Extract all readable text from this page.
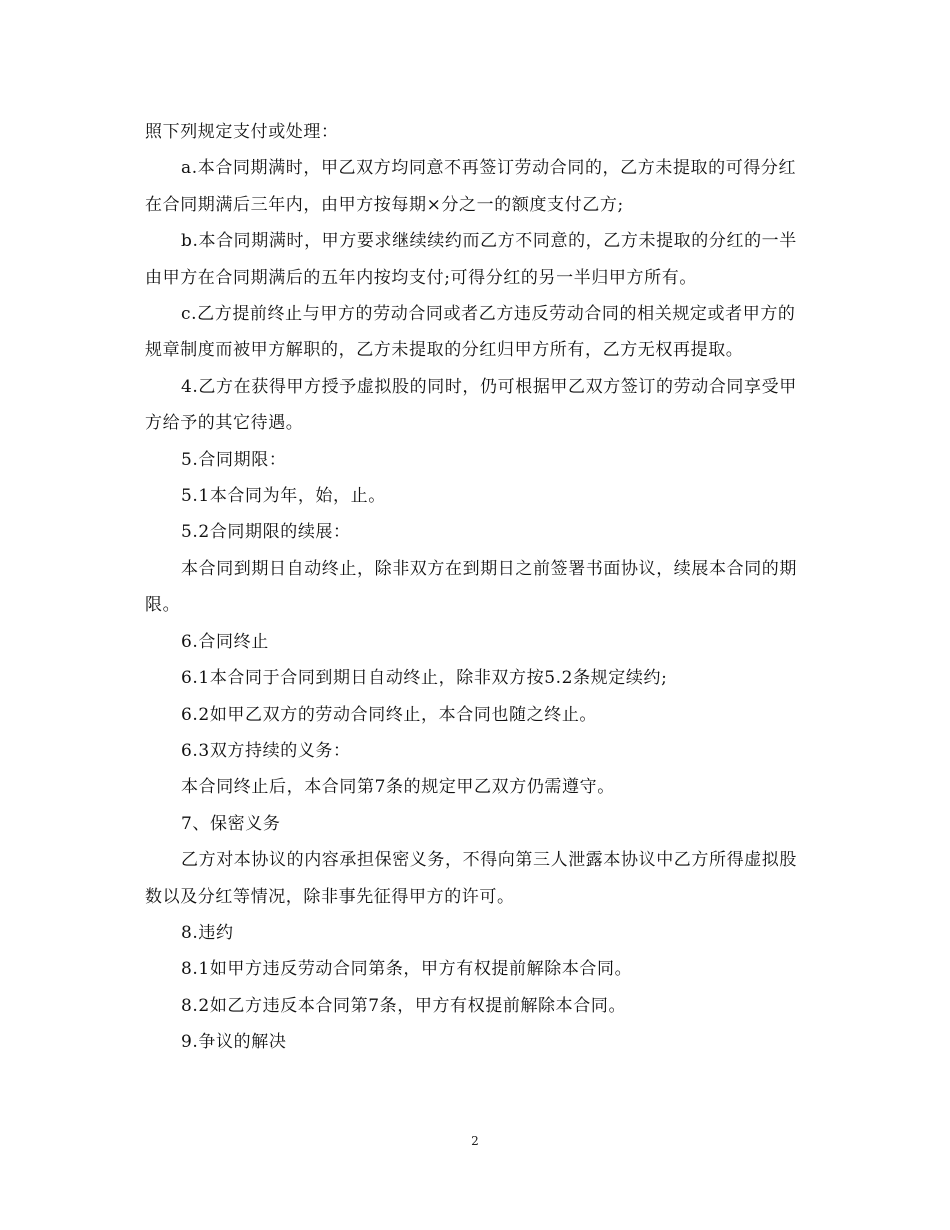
照下列规定支付或处理：

a.本合同期满时，甲乙双方均同意不再签订劳动合同的，乙方未提取的可得分红在合同期满后三年内，由甲方按每期×分之一的额度支付乙方;

b.本合同期满时，甲方要求继续续约而乙方不同意的，乙方未提取的分红的一半由甲方在合同期满后的五年内按均支付;可得分红的另一半归甲方所有。

c.乙方提前终止与甲方的劳动合同或者乙方违反劳动合同的相关规定或者甲方的规章制度而被甲方解职的，乙方未提取的分红归甲方所有，乙方无权再提取。

4.乙方在获得甲方授予虚拟股的同时，仍可根据甲乙双方签订的劳动合同享受甲方给予的其它待遇。

5.合同期限：

5.1本合同为年，始，止。

5.2合同期限的续展：

本合同到期日自动终止，除非双方在到期日之前签署书面协议，续展本合同的期限。

6.合同终止

6.1本合同于合同到期日自动终止，除非双方按5.2条规定续约;

6.2如甲乙双方的劳动合同终止，本合同也随之终止。

6.3双方持续的义务：

本合同终止后，本合同第7条的规定甲乙双方仍需遵守。

7、保密义务

乙方对本协议的内容承担保密义务，不得向第三人泄露本协议中乙方所得虚拟股数以及分红等情况，除非事先征得甲方的许可。

8.违约

8.1如甲方违反劳动合同第条，甲方有权提前解除本合同。

8.2如乙方违反本合同第7条，甲方有权提前解除本合同。

9.争议的解决

2
